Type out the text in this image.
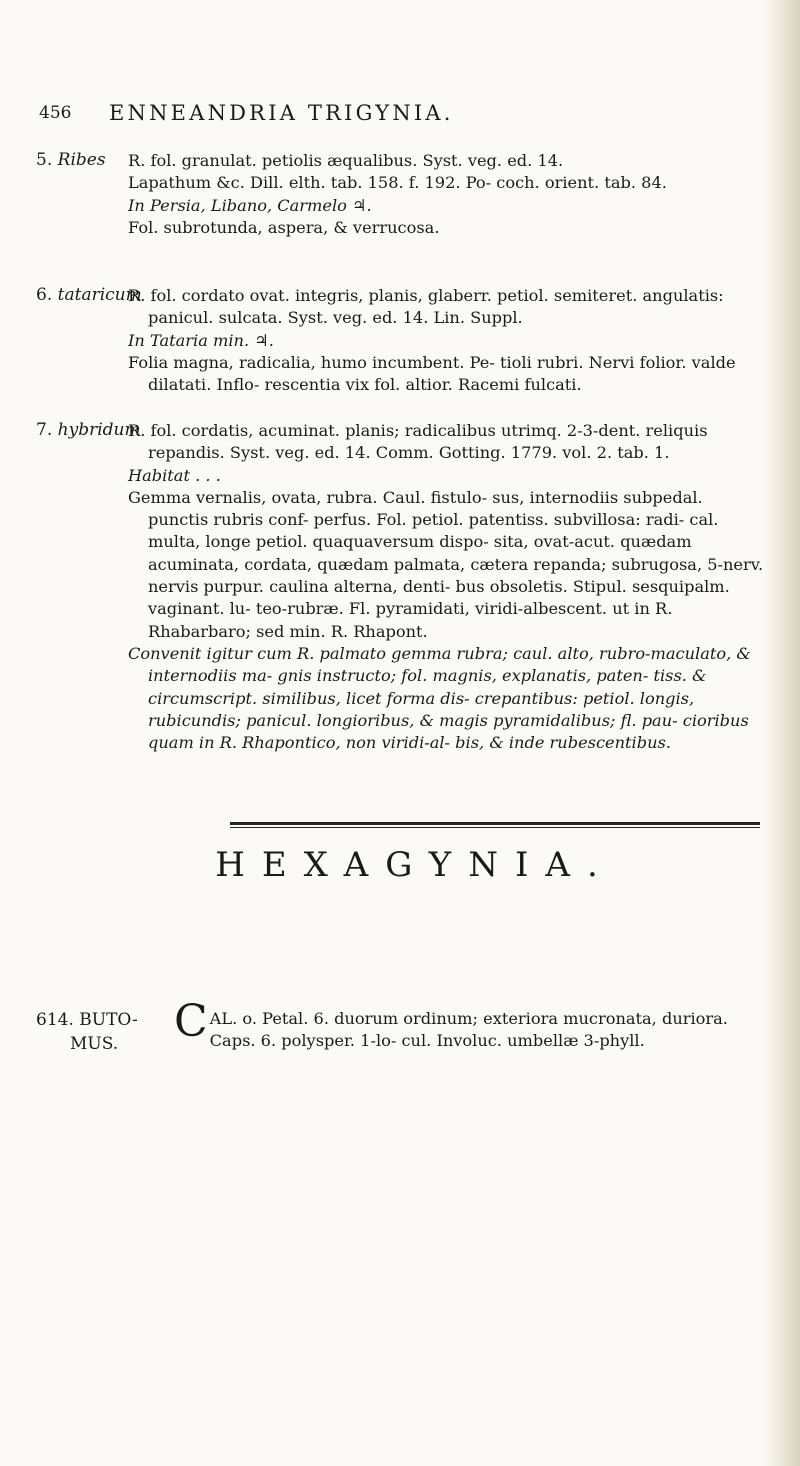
456 ENNEANDRIA TRIGYNIA.
5. Ribes R. fol. granulat. petiolis æqualibus. Syst. veg. ed. 14.

Lapathum &c. Dill. elth. tab. 158. f. 192. Po- coch. orient. tab. 84.

In Persia, Libano, Carmelo ♃.

Fol. subrotunda, aspera, & verrucosa.

6. tataricum

R. fol. cordato ovat. integris, planis, glaberr. petiol. semiteret. angulatis: panicul. sulcata. Syst. veg. ed. 14. Lin. Suppl.

In Tataria min. ♃.

Folia magna, radicalia, humo incumbent. Pe- tioli rubri. Nervi folior. valde dilatati. Inflo- rescentia vix fol. altior. Racemi fulcati.

7. hybridum

R. fol. cordatis, acuminat. planis; radicalibus utrimq. 2-3-dent. reliquis repandis. Syst. veg. ed. 14. Comm. Gotting. 1779. vol. 2. tab. 1.

Habitat . . .

Gemma vernalis, ovata, rubra. Caul. fistulo- sus, internodiis subpedal. punctis rubris conf- perfus. Fol. petiol. patentiss. subvillosa: radi- cal. multa, longe petiol. quaquaversum dispo- sita, ovat-acut. quædam acuminata, cordata, quædam palmata, cætera repanda; subrugosa, 5-nerv. nervis purpur. caulina alterna, denti- bus obsoletis. Stipul. sesquipalm. vaginant. lu- teo-rubræ. Fl. pyramidati, viridi-albescent. ut in R. Rhabarbaro; sed min. R. Rhapont.

Convenit igitur cum R. palmato gemma rubra; caul. alto, rubro-maculato, & internodiis ma- gnis instructo; fol. magnis, explanatis, paten- tiss. & circumscript. similibus, licet forma dis- crepantibus: petiol. longis, rubicundis; panicul. longioribus, & magis pyramidalibus; fl. pau- cioribus quam in R. Rhapontico, non viridi-al- bis, & inde rubescentibus.

HEXAGYNIA.
614. BUTO-
MUS.	C AL. o. Petal. 6. duorum ordinum; exteriora mucronata, duriora. Caps. 6. polysper. 1-lo- cul. Involuc. umbellæ 3-phyll.
